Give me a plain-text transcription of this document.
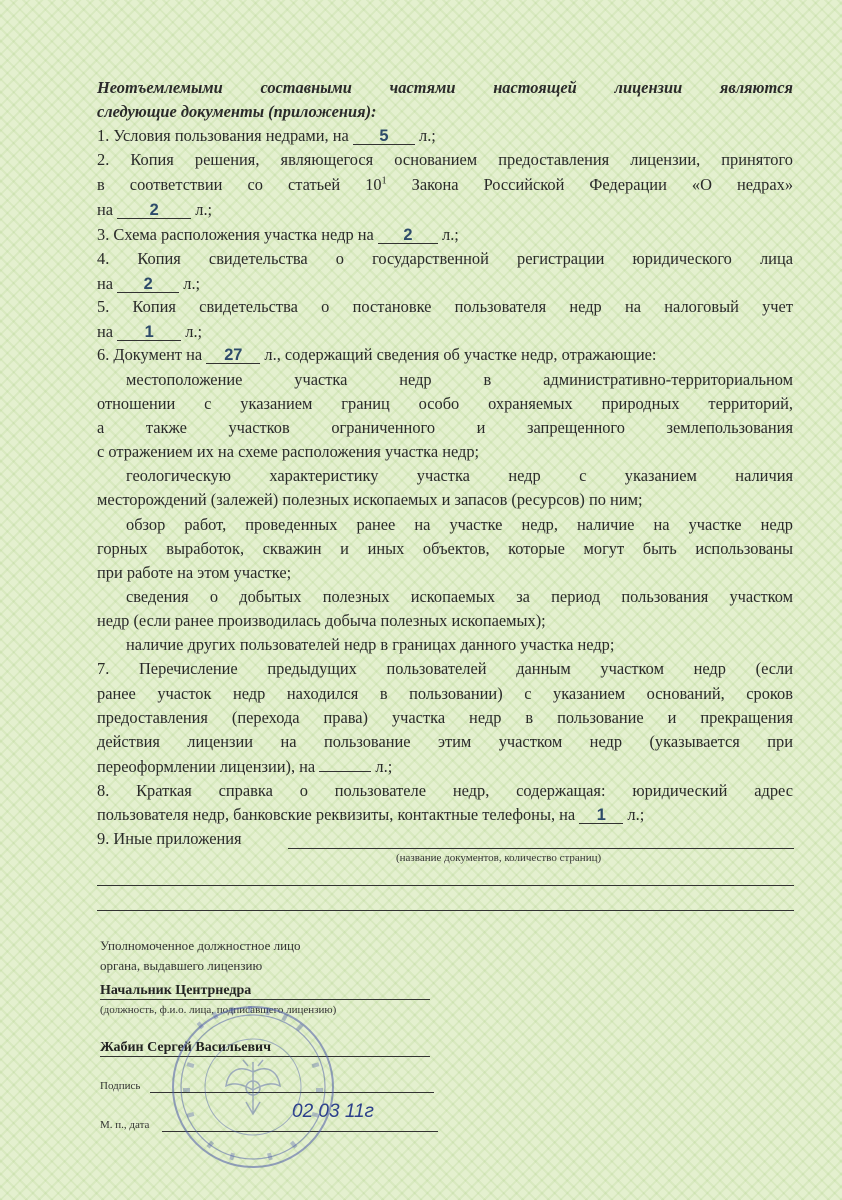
Неотъемлемыми составными частями настоящей лицензии являются
следующие документы (приложения):
1. Условия пользования недрами, на 5 л.;
2. Копия решения, являющегося основанием предоставления лицензии, принятого
в соответствии со статьей $10^1$ Закона Российской Федерации «О недрах»
на 2 л.;
3. Схема расположения участка недр на 2 л.;
4. Копия свидетельства о государственной регистрации юридического лица
на 2 л.;
5. Копия свидетельства о постановке пользователя недр на налоговый учет
на 1 л.;
6. Документ на 27 л., содержащий сведения об участке недр, отражающие:
местоположение участка недр в административно-территориальном
отношении с указанием границ особо охраняемых природных территорий,
а также участков ограниченного и запрещенного землепользования
с отражением их на схеме расположения участка недр;
геологическую характеристику участка недр с указанием наличия
месторождений (залежей) полезных ископаемых и запасов (ресурсов) по ним;
обзор работ, проведенных ранее на участке недр, наличие на участке недр
горных выработок, скважин и иных объектов, которые могут быть использованы
при работе на этом участке;
сведения о добытых полезных ископаемых за период пользования участком
недр (если ранее производилась добыча полезных ископаемых);
наличие других пользователей недр в границах данного участка недр;
7. Перечисление предыдущих пользователей данным участком недр (если
ранее участок недр находился в пользовании) с указанием оснований, сроков
предоставления (перехода права) участка недр в пользование и прекращения
действия лицензии на пользование этим участком недр (указывается при
переоформлении лицензии), на	л.;
8. Краткая справка о пользователе недр, содержащая: юридический адрес
пользователя недр, банковские реквизиты, контактные телефоны, на 1 л.;
9. Иные приложения
(название документов, количество страниц)
Уполномоченное должностное лицо
органа, выдавшего лицензию
Начальник Центрнедра
(должность, ф.и.о. лица, подписавшего лицензию)
Жабин Сергей Васильевич
Подпись
М. п., дата
02 03 11г
